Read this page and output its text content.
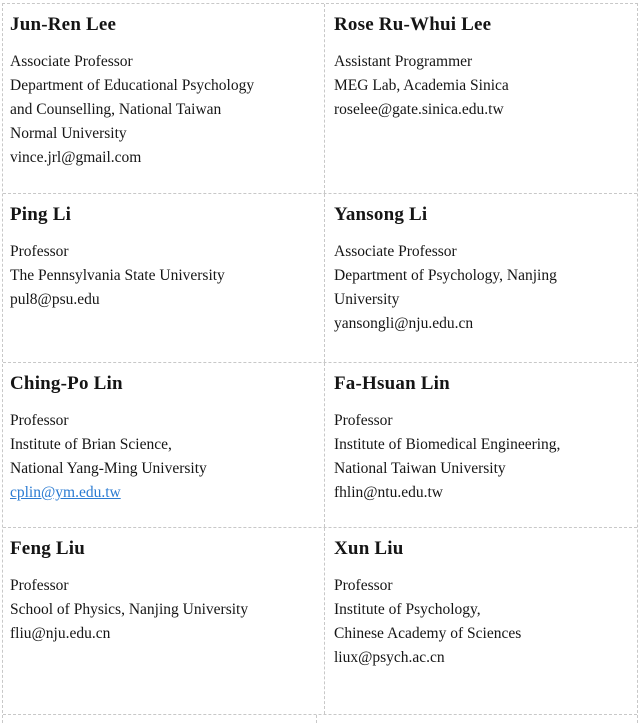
Jun-Ren Lee
Associate Professor
Department of Educational Psychology
and Counselling, National Taiwan
Normal University
vince.jrl@gmail.com
Rose Ru-Whui Lee
Assistant Programmer
MEG Lab, Academia Sinica
roselee@gate.sinica.edu.tw
Ping Li
Professor
The Pennsylvania State University
pul8@psu.edu
Yansong Li
Associate Professor
Department of Psychology, Nanjing
University
yansongli@nju.edu.cn
Ching-Po Lin
Professor
Institute of Brian Science,
National Yang-Ming University
cplin@ym.edu.tw
Fa-Hsuan Lin
Professor
Institute of Biomedical Engineering,
National Taiwan University
fhlin@ntu.edu.tw
Feng Liu
Professor
School of Physics, Nanjing University
fliu@nju.edu.cn
Xun Liu
Professor
Institute of Psychology,
Chinese Academy of Sciences
liux@psych.ac.cn
